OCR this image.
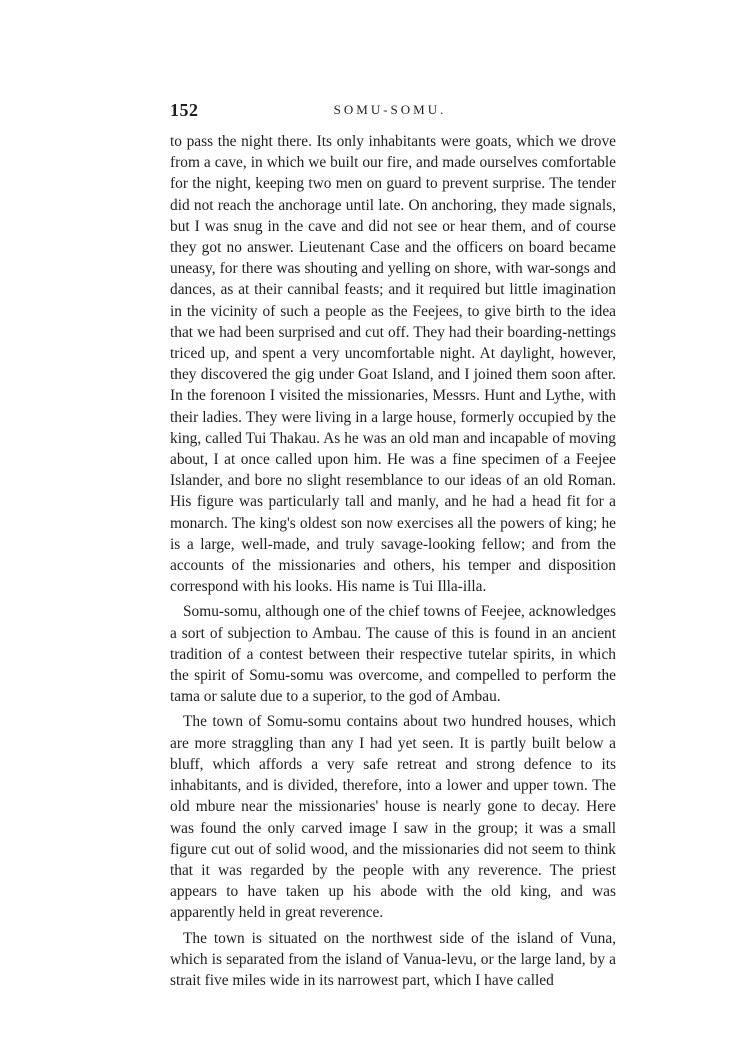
152	SOMU-SOMU.

to pass the night there. Its only inhabitants were goats, which we drove from a cave, in which we built our fire, and made ourselves comfortable for the night, keeping two men on guard to prevent surprise. The tender did not reach the anchorage until late. On anchoring, they made signals, but I was snug in the cave and did not see or hear them, and of course they got no answer. Lieutenant Case and the officers on board became uneasy, for there was shouting and yelling on shore, with war-songs and dances, as at their cannibal feasts; and it required but little imagination in the vicinity of such a people as the Feejees, to give birth to the idea that we had been surprised and cut off. They had their boarding-nettings triced up, and spent a very uncomfortable night. At daylight, however, they discovered the gig under Goat Island, and I joined them soon after. In the forenoon I visited the missionaries, Messrs. Hunt and Lythe, with their ladies. They were living in a large house, formerly occupied by the king, called Tui Thakau. As he was an old man and incapable of moving about, I at once called upon him. He was a fine specimen of a Feejee Islander, and bore no slight resemblance to our ideas of an old Roman. His figure was particularly tall and manly, and he had a head fit for a monarch. The king's oldest son now exercises all the powers of king; he is a large, well-made, and truly savage-looking fellow; and from the accounts of the missionaries and others, his temper and disposition correspond with his looks. His name is Tui Illa-illa.

Somu-somu, although one of the chief towns of Feejee, acknowledges a sort of subjection to Ambau. The cause of this is found in an ancient tradition of a contest between their respective tutelar spirits, in which the spirit of Somu-somu was overcome, and compelled to perform the tama or salute due to a superior, to the god of Ambau.

The town of Somu-somu contains about two hundred houses, which are more straggling than any I had yet seen. It is partly built below a bluff, which affords a very safe retreat and strong defence to its inhabitants, and is divided, therefore, into a lower and upper town. The old mbure near the missionaries' house is nearly gone to decay. Here was found the only carved image I saw in the group; it was a small figure cut out of solid wood, and the missionaries did not seem to think that it was regarded by the people with any reverence. The priest appears to have taken up his abode with the old king, and was apparently held in great reverence.

The town is situated on the northwest side of the island of Vuna, which is separated from the island of Vanua-levu, or the large land, by a strait five miles wide in its narrowest part, which I have called
